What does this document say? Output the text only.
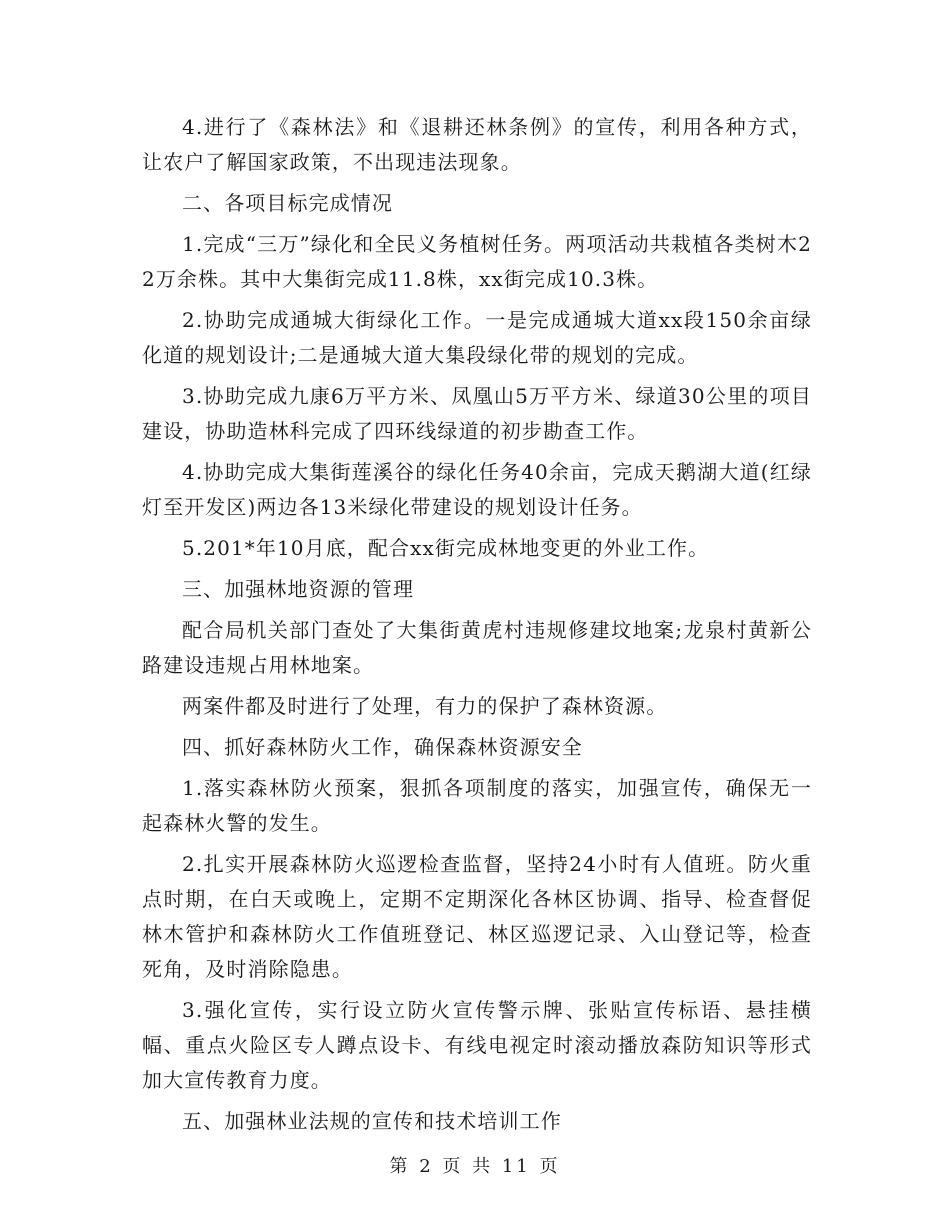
4.进行了《森林法》和《退耕还林条例》的宣传，利用各种方式，让农户了解国家政策，不出现违法现象。

二、各项目标完成情况

1.完成“三万”绿化和全民义务植树任务。两项活动共栽植各类树木22万余株。其中大集街完成11.8株，xx街完成10.3株。

2.协助完成通城大街绿化工作。一是完成通城大道xx段150余亩绿化道的规划设计;二是通城大道大集段绿化带的规划的完成。

3.协助完成九康6万平方米、凤凰山5万平方米、绿道30公里的项目建设，协助造林科完成了四环线绿道的初步勘查工作。

4.协助完成大集街莲溪谷的绿化任务40余亩，完成天鹅湖大道(红绿灯至开发区)两边各13米绿化带建设的规划设计任务。

5.201*年10月底，配合xx街完成林地变更的外业工作。

三、加强林地资源的管理

配合局机关部门查处了大集街黄虎村违规修建坟地案;龙泉村黄新公路建设违规占用林地案。

两案件都及时进行了处理，有力的保护了森林资源。

四、抓好森林防火工作，确保森林资源安全

1.落实森林防火预案，狠抓各项制度的落实，加强宣传，确保无一起森林火警的发生。

2.扎实开展森林防火巡逻检查监督，坚持24小时有人值班。防火重点时期，在白天或晚上，定期不定期深化各林区协调、指导、检查督促林木管护和森林防火工作值班登记、林区巡逻记录、入山登记等，检查死角，及时消除隐患。

3.强化宣传，实行设立防火宣传警示牌、张贴宣传标语、悬挂横幅、重点火险区专人蹲点设卡、有线电视定时滚动播放森防知识等形式加大宣传教育力度。

五、加强林业法规的宣传和技术培训工作

第 2 页 共 11 页
